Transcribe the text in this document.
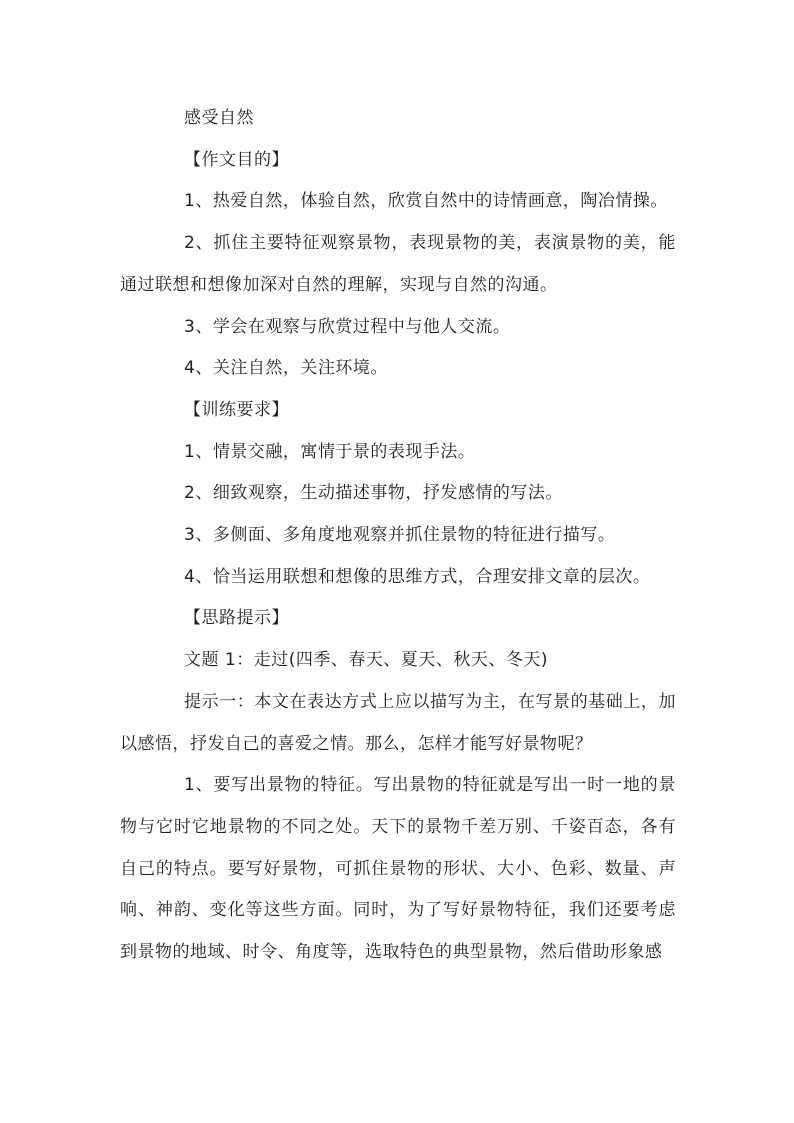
感受自然

【作文目的】

1、热爱自然，体验自然，欣赏自然中的诗情画意，陶冶情操。

2、抓住主要特征观察景物，表现景物的美，表演景物的美，能通过联想和想像加深对自然的理解，实现与自然的沟通。

3、学会在观察与欣赏过程中与他人交流。

4、关注自然，关注环境。

【训练要求】

1、情景交融，寓情于景的表现手法。

2、细致观察，生动描述事物，抒发感情的写法。

3、多侧面、多角度地观察并抓住景物的特征进行描写。

4、恰当运用联想和想像的思维方式，合理安排文章的层次。

【思路提示】

文题 1：走过(四季、春天、夏天、秋天、冬天)

提示一：本文在表达方式上应以描写为主，在写景的基础上，加以感悟，抒发自己的喜爱之情。那么，怎样才能写好景物呢？

1、要写出景物的特征。写出景物的特征就是写出一时一地的景物与它时它地景物的不同之处。天下的景物千差万别、千姿百态，各有自己的特点。要写好景物，可抓住景物的形状、大小、色彩、数量、声响、神韵、变化等这些方面。同时，为了写好景物特征，我们还要考虑到景物的地域、时令、角度等，选取特色的典型景物，然后借助形象感
